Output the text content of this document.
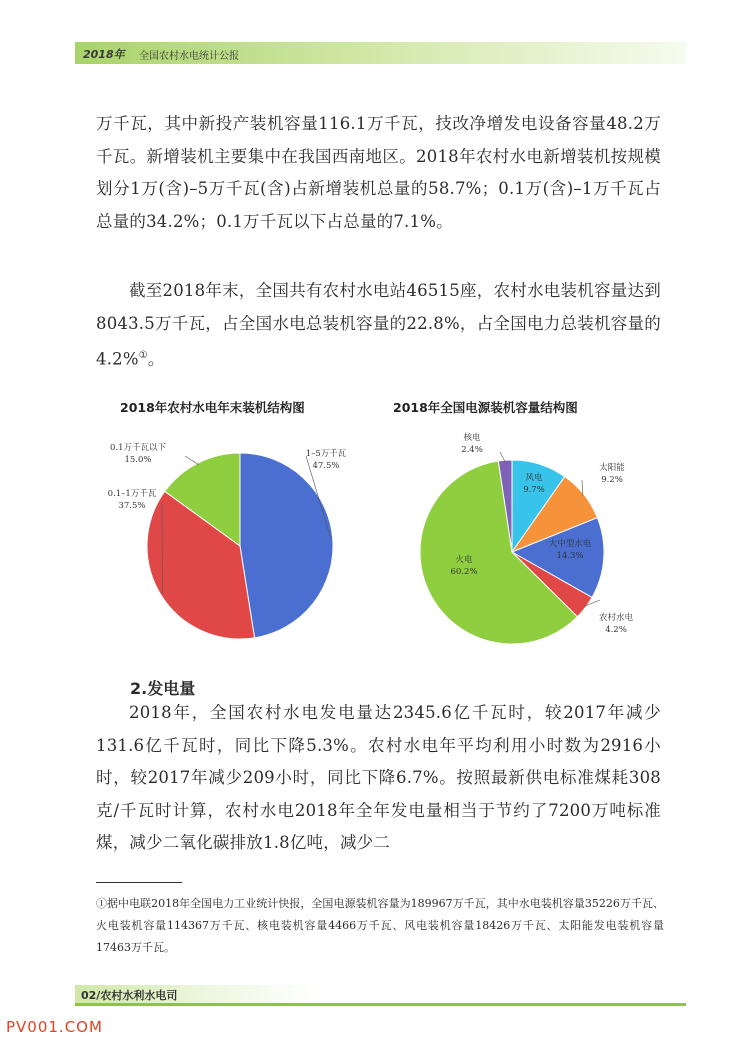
2018年 全国农村水电统计公报
万千瓦，其中新投产装机容量116.1万千瓦，技改净增发电设备容量48.2万千瓦。新增装机主要集中在我国西南地区。2018年农村水电新增装机按规模划分1万(含)–5万千瓦(含)占新增装机总量的58.7%；0.1万(含)–1万千瓦占总量的34.2%；0.1万千瓦以下占总量的7.1%。
截至2018年末，全国共有农村水电站46515座，农村水电装机容量达到8043.5万千瓦，占全国水电总装机容量的22.8%，占全国电力总装机容量的4.2%①。
2018年农村水电年末装机结构图	2018年全国电源装机容量结构图
1–5万千瓦
47.5%
0.1–1万千瓦
37.5%
0.1万千瓦以下
15.0%
核电
2.4%
风电
9.7%
太阳能
9.2%
大中型水电
14.3%
农村水电
4.2%
火电
60.2%
2.发电量
2018年，全国农村水电发电量达2345.6亿千瓦时，较2017年减少131.6亿千瓦时，同比下降5.3%。农村水电年平均利用小时数为2916小时，较2017年减少209小时，同比下降6.7%。按照最新供电标准煤耗308克/千瓦时计算，农村水电2018年全年发电量相当于节约了7200万吨标准煤，减少二氧化碳排放1.8亿吨，减少二
①据中电联2018年全国电力工业统计快报，全国电源装机容量为189967万千瓦，其中水电装机容量35226万千瓦、火电装机容量114367万千瓦、核电装机容量4466万千瓦、风电装机容量18426万千瓦、太阳能发电装机容量17463万千瓦。
02/农村水利水电司
PV001.COM
